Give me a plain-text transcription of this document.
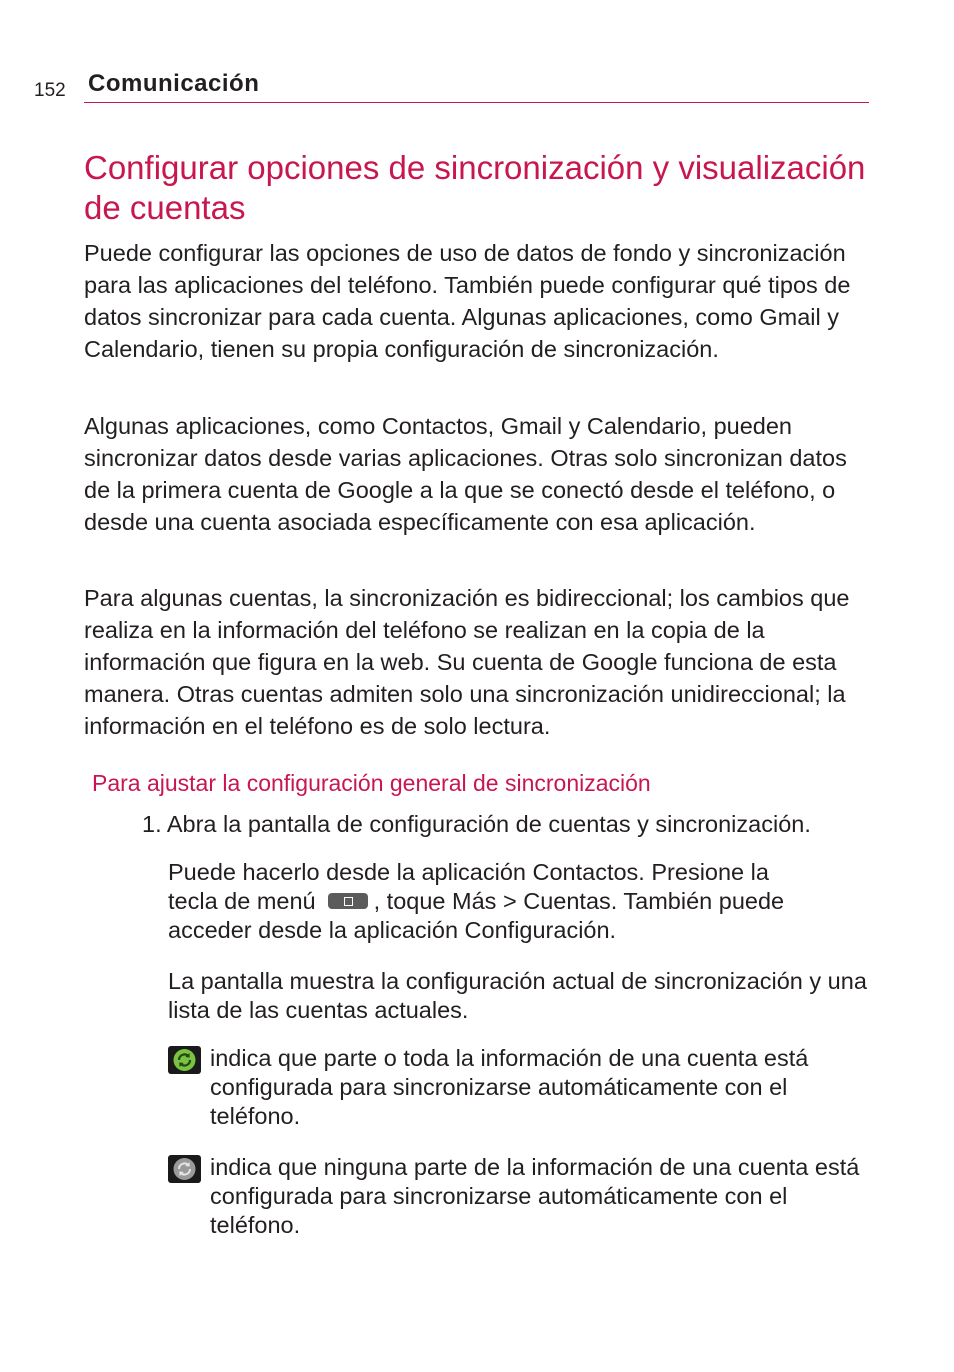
152 Comunicación
Configurar opciones de sincronización y visualización de cuentas

Puede configurar las opciones de uso de datos de fondo y sincronización para las aplicaciones del teléfono. También puede configurar qué tipos de datos sincronizar para cada cuenta. Algunas aplicaciones, como Gmail y Calendario, tienen su propia configuración de sincronización.

Algunas aplicaciones, como Contactos, Gmail y Calendario, pueden sincronizar datos desde varias aplicaciones. Otras solo sincronizan datos de la primera cuenta de Google a la que se conectó desde el teléfono, o desde una cuenta asociada específicamente con esa aplicación.

Para algunas cuentas, la sincronización es bidireccional; los cambios que realiza en la información del teléfono se realizan en la copia de la información que figura en la web. Su cuenta de Google funciona de esta manera. Otras cuentas admiten solo una sincronización unidireccional; la información en el teléfono es de solo lectura.

Para ajustar la configuración general de sincronización
1. Abra la pantalla de configuración de cuentas y sincronización.

Puede hacerlo desde la aplicación Contactos. Presione la
tecla de menú , toque Más > Cuentas. También puede acceder desde la aplicación Configuración.

La pantalla muestra la configuración actual de sincronización y una lista de las cuentas actuales.

indica que parte o toda la información de una cuenta está configurada para sincronizarse automáticamente con el teléfono.

indica que ninguna parte de la información de una cuenta está configurada para sincronizarse automáticamente con el teléfono.
